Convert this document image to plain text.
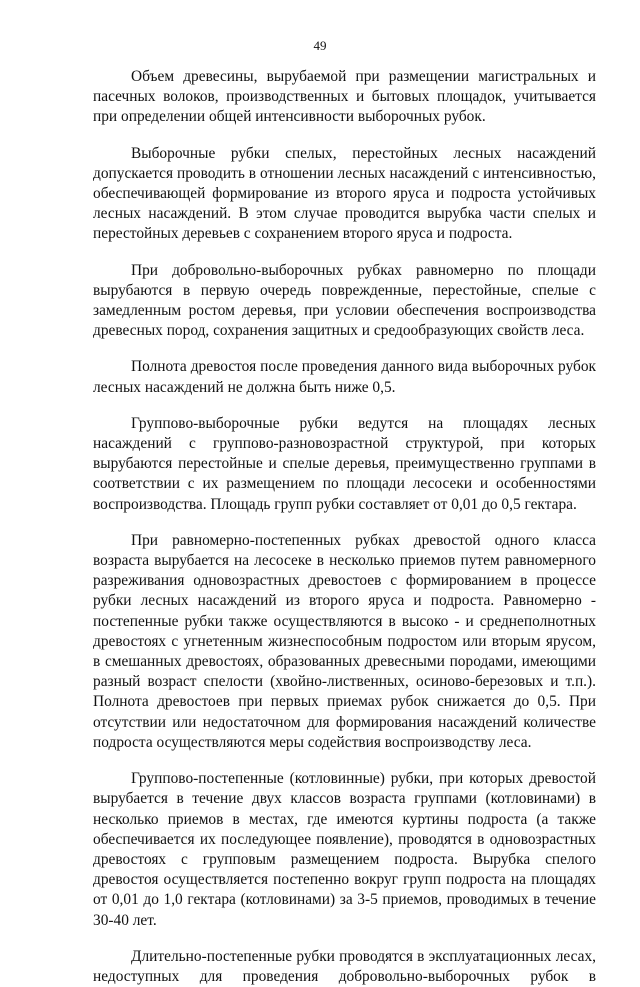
49

Объем древесины, вырубаемой при размещении магистральных и пасечных волоков, производственных и бытовых площадок, учитывается при определении общей интенсивности выборочных рубок.

Выборочные рубки спелых, перестойных лесных насаждений допускается проводить в отношении лесных насаждений с интенсивностью, обеспечивающей формирование из второго яруса и подроста устойчивых лесных насаждений. В этом случае проводится вырубка части спелых и перестойных деревьев с сохранением второго яруса и подроста.

При добровольно-выборочных рубках равномерно по площади вырубаются в первую очередь поврежденные, перестойные, спелые с замедленным ростом деревья, при условии обеспечения воспроизводства древесных пород, сохранения защитных и средообразующих свойств леса.

Полнота древостоя после проведения данного вида выборочных рубок лесных насаждений не должна быть ниже 0,5.

Группово-выборочные рубки ведутся на площадях лесных насаждений с группово-разновозрастной структурой, при которых вырубаются перестойные и спелые деревья, преимущественно группами в соответствии с их размещением по площади лесосеки и особенностями воспроизводства. Площадь групп рубки составляет от 0,01 до 0,5 гектара.

При равномерно-постепенных рубках древостой одного класса возраста вырубается на лесосеке в несколько приемов путем равномерного разреживания одновозрастных древостоев с формированием в процессе рубки лесных насаждений из второго яруса и подроста. Равномерно - постепенные рубки также осуществляются в высоко - и среднеполнотных древостоях с угнетенным жизнеспособным подростом или вторым ярусом, в смешанных древостоях, образованных древесными породами, имеющими разный возраст спелости (хвойно-лиственных, осиново-березовых и т.п.). Полнота древостоев при первых приемах рубок снижается до 0,5. При отсутствии или недостаточном для формирования насаждений количестве подроста осуществляются меры содействия воспроизводству леса.

Группово-постепенные (котловинные) рубки, при которых древостой вырубается в течение двух классов возраста группами (котловинами) в несколько приемов в местах, где имеются куртины подроста (а также обеспечивается их последующее появление), проводятся в одновозрастных древостоях с групповым размещением подроста. Вырубка спелого древостоя осуществляется постепенно вокруг групп подроста на площадях от 0,01 до 1,0 гектара (котловинами) за 3-5 приемов, проводимых в течение 30-40 лет.

Длительно-постепенные рубки проводятся в эксплуатационных лесах, недоступных для проведения добровольно-выборочных рубок в
